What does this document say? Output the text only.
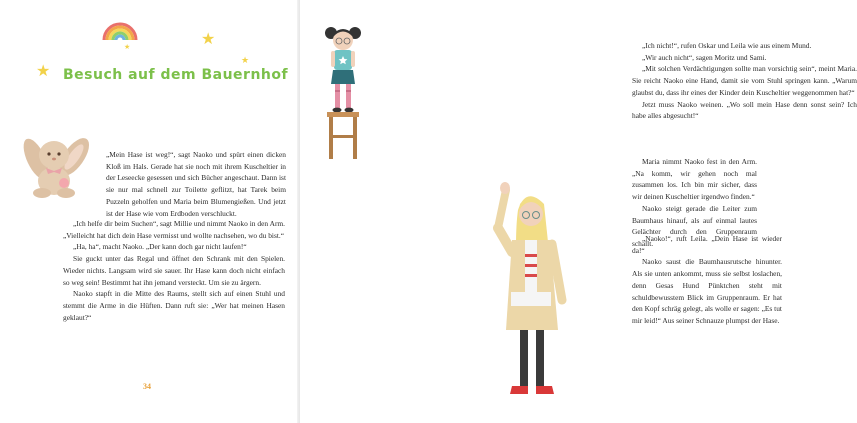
★
★
★
★
Besuch auf dem Bauernhof

„Mein Hase ist weg!“, sagt Naoko und spürt einen dicken Kloß im Hals. Gerade hat sie noch mit ihrem Kuscheltier in der Leseecke gesessen und sich Bücher angeschaut. Dann ist sie nur mal schnell zur Toilette geflitzt, hat Tarek beim Puzzeln geholfen und Maria beim Blumengießen. Und jetzt ist der Hase wie vom Erdboden verschluckt.

„Ich helfe dir beim Suchen“, sagt Millie und nimmt Naoko in den Arm. „Vielleicht hat dich dein Hase vermisst und wollte nachsehen, wo du bist.“

„Ha, ha“, macht Naoko. „Der kann doch gar nicht laufen!“

Sie guckt unter das Regal und öffnet den Schrank mit den Spielen. Wieder nichts. Langsam wird sie sauer. Ihr Hase kann doch nicht einfach so weg sein! Bestimmt hat ihn jemand versteckt. Um sie zu ärgern.

Naoko stapft in die Mitte des Raums, stellt sich auf einen Stuhl und stemmt die Arme in die Hüften. Dann ruft sie: „Wer hat meinen Hasen geklaut?“

34

„Ich nicht!“, rufen Oskar und Leila wie aus einem Mund.

„Wir auch nicht“, sagen Moritz und Sami.

„Mit solchen Verdächtigungen sollte man vorsichtig sein“, meint Maria. Sie reicht Naoko eine Hand, damit sie vom Stuhl springen kann. „Warum glaubst du, dass ihr eines der Kinder dein Kuscheltier weggenommen hat?“

Jetzt muss Naoko weinen. „Wo soll mein Hase denn sonst sein? Ich habe alles abgesucht!“

Maria nimmt Naoko fest in den Arm. „Na komm, wir gehen noch mal zusammen los. Ich bin mir sicher, dass wir deinen Kuscheltier irgendwo finden.“

Naoko steigt gerade die Leiter zum Baumhaus hinauf, als auf einmal lautes Gelächter durch den Gruppenraum schallt.

„Naoko!“, ruft Leila. „Dein Hase ist wieder da!“

Naoko saust die Baumhausrutsche hinunter. Als sie unten ankommt, muss sie selbst loslachen, denn Gesas Hund Pünktchen steht mit schuldbewusstem Blick im Gruppenraum. Er hat den Kopf schräg gelegt, als wolle er sagen: „Es tut mir leid!“ Aus seiner Schnauze plumpst der Hase.
